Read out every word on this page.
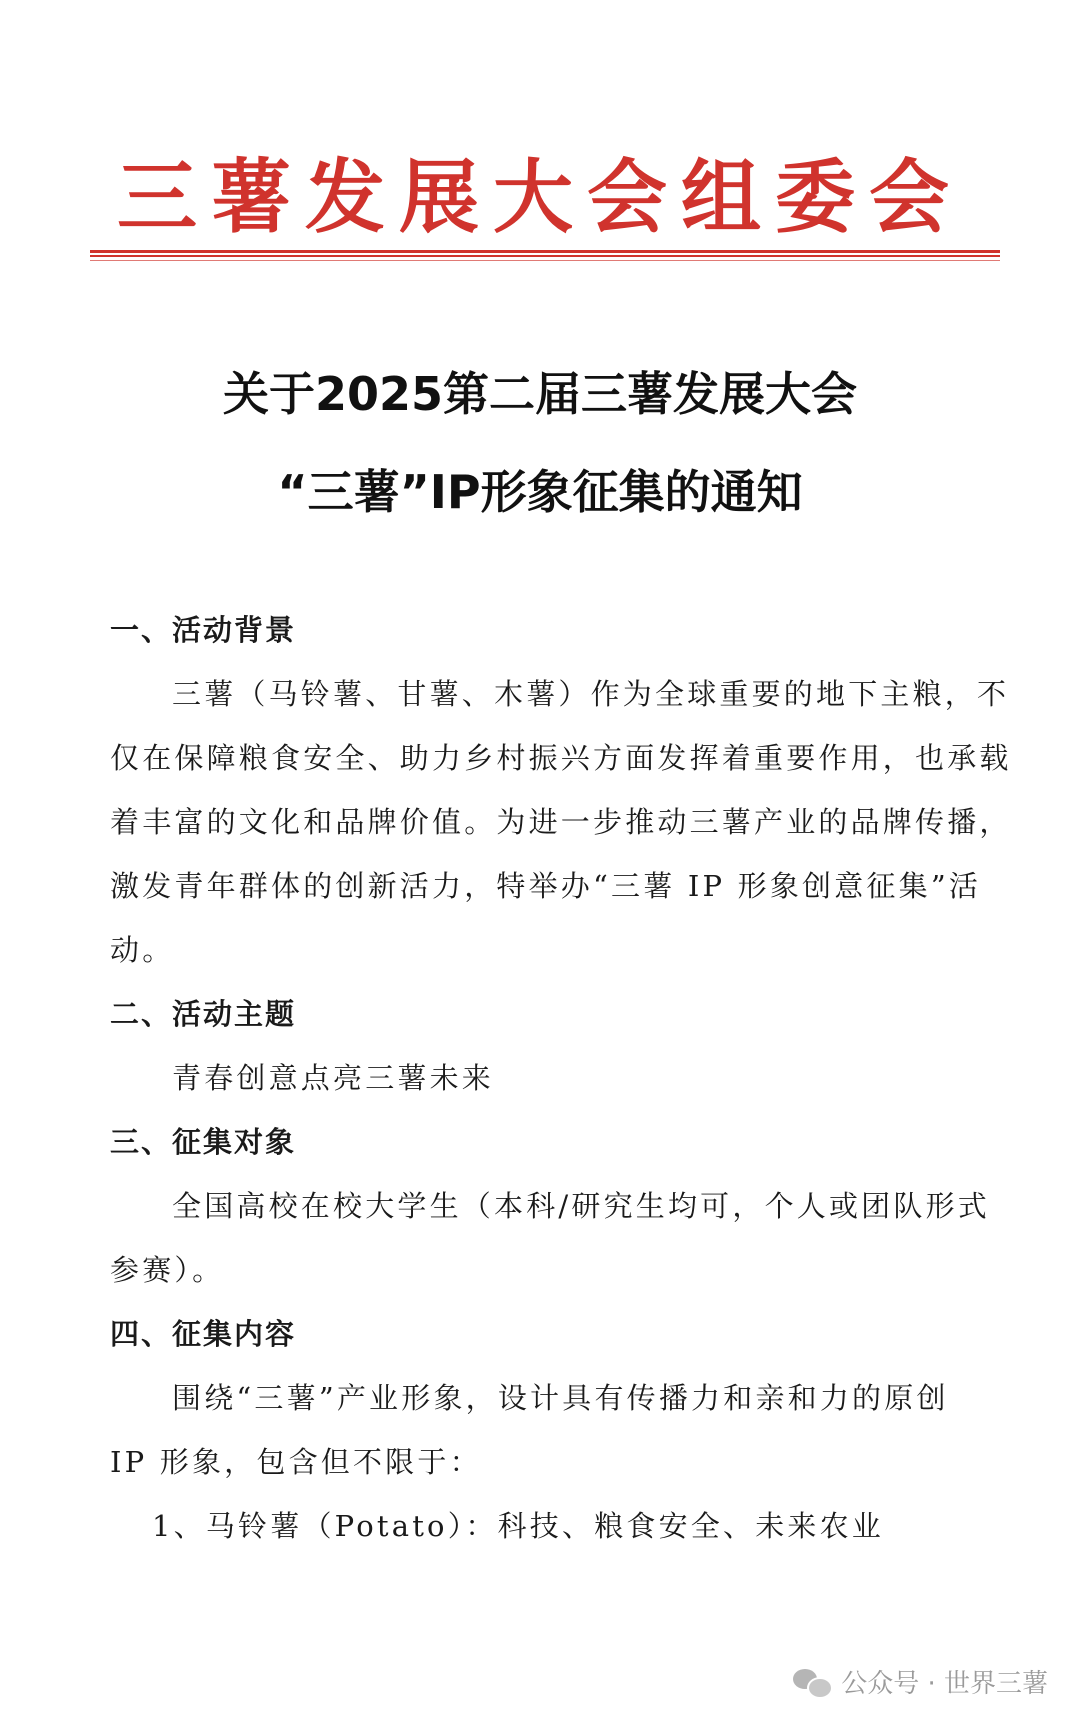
三薯发展大会组委会
关于2025第二届三薯发展大会
“三薯”IP形象征集的通知
一、活动背景
三薯（马铃薯、甘薯、木薯）作为全球重要的地下主粮，不
仅在保障粮食安全、助力乡村振兴方面发挥着重要作用，也承载
着丰富的文化和品牌价值。为进一步推动三薯产业的品牌传播，
激发青年群体的创新活力，特举办“三薯 IP 形象创意征集”活
动。
二、活动主题
青春创意点亮三薯未来
三、征集对象
全国高校在校大学生（本科/研究生均可，个人或团队形式
参赛）。
四、征集内容
围绕“三薯”产业形象，设计具有传播力和亲和力的原创
IP 形象，包含但不限于：
1、马铃薯（Potato）：科技、粮食安全、未来农业
公众号 · 世界三薯
